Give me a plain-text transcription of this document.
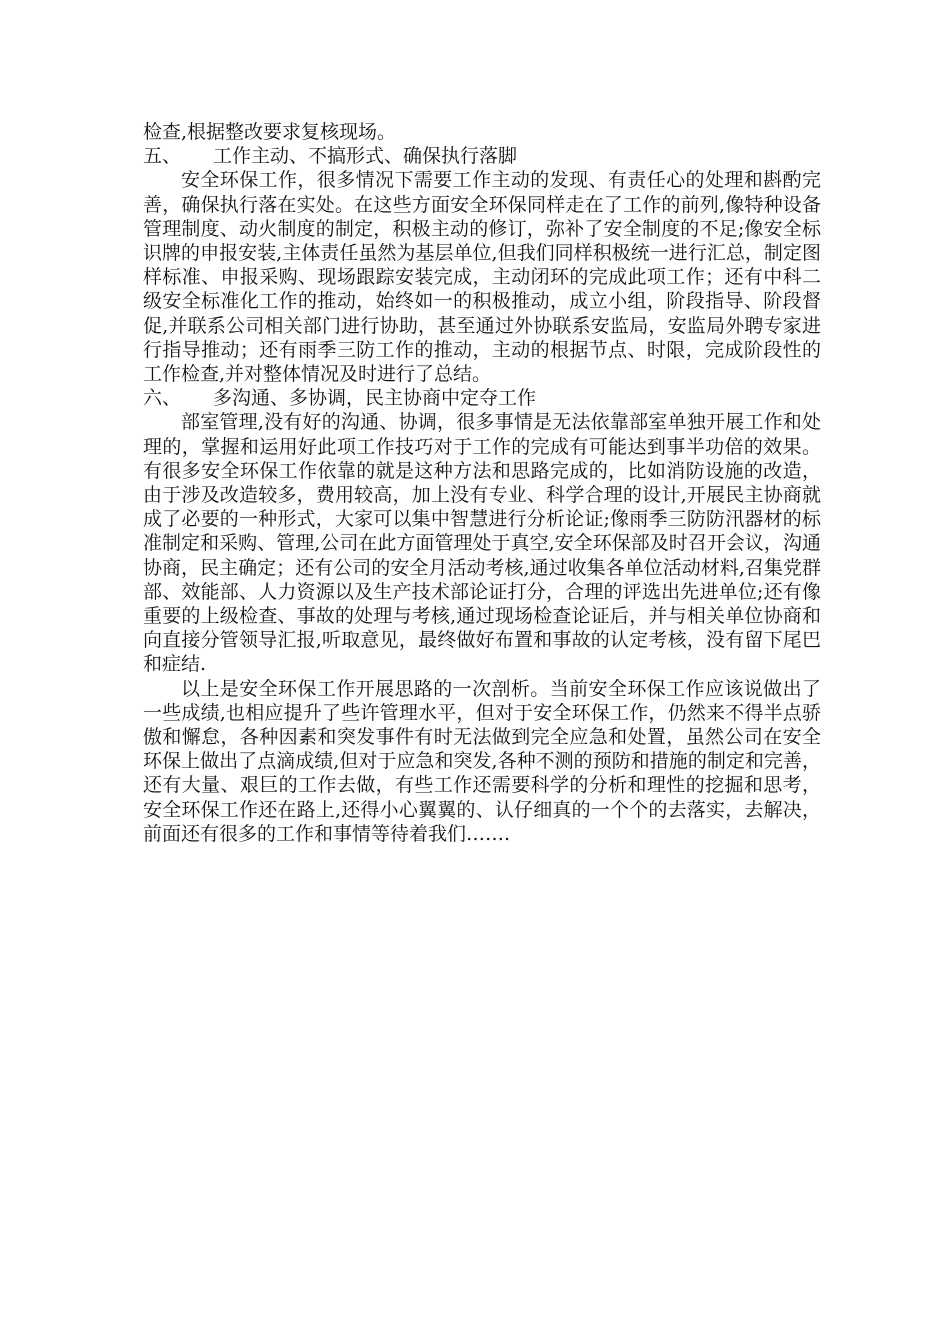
检查,根据整改要求复核现场。

五、	工作主动、不搞形式、确保执行落脚

安全环保工作，很多情况下需要工作主动的发现、有责任心的处理和斟酌完善，确保执行落在实处。在这些方面安全环保同样走在了工作的前列,像特种设备管理制度、动火制度的制定，积极主动的修订，弥补了安全制度的不足;像安全标识牌的申报安装,主体责任虽然为基层单位,但我们同样积极统一进行汇总，制定图样标准、申报采购、现场跟踪安装完成，主动闭环的完成此项工作；还有中科二级安全标准化工作的推动，始终如一的积极推动，成立小组，阶段指导、阶段督促,并联系公司相关部门进行协助，甚至通过外协联系安监局，安监局外聘专家进行指导推动；还有雨季三防工作的推动，主动的根据节点、时限，完成阶段性的工作检查,并对整体情况及时进行了总结。

六、	多沟通、多协调，民主协商中定夺工作

部室管理,没有好的沟通、协调，很多事情是无法依靠部室单独开展工作和处理的，掌握和运用好此项工作技巧对于工作的完成有可能达到事半功倍的效果。有很多安全环保工作依靠的就是这种方法和思路完成的，比如消防设施的改造，由于涉及改造较多，费用较高，加上没有专业、科学合理的设计,开展民主协商就成了必要的一种形式，大家可以集中智慧进行分析论证;像雨季三防防汛器材的标准制定和采购、管理,公司在此方面管理处于真空,安全环保部及时召开会议，沟通协商，民主确定；还有公司的安全月活动考核,通过收集各单位活动材料,召集党群部、效能部、人力资源以及生产技术部论证打分，合理的评选出先进单位;还有像重要的上级检查、事故的处理与考核,通过现场检查论证后，并与相关单位协商和向直接分管领导汇报,听取意见，最终做好布置和事故的认定考核，没有留下尾巴和症结.

以上是安全环保工作开展思路的一次剖析。当前安全环保工作应该说做出了一些成绩,也相应提升了些许管理水平，但对于安全环保工作，仍然来不得半点骄傲和懈怠，各种因素和突发事件有时无法做到完全应急和处置，虽然公司在安全环保上做出了点滴成绩,但对于应急和突发,各种不测的预防和措施的制定和完善，还有大量、艰巨的工作去做，有些工作还需要科学的分析和理性的挖掘和思考，安全环保工作还在路上,还得小心翼翼的、认仔细真的一个个的去落实，去解决，前面还有很多的工作和事情等待着我们…….
